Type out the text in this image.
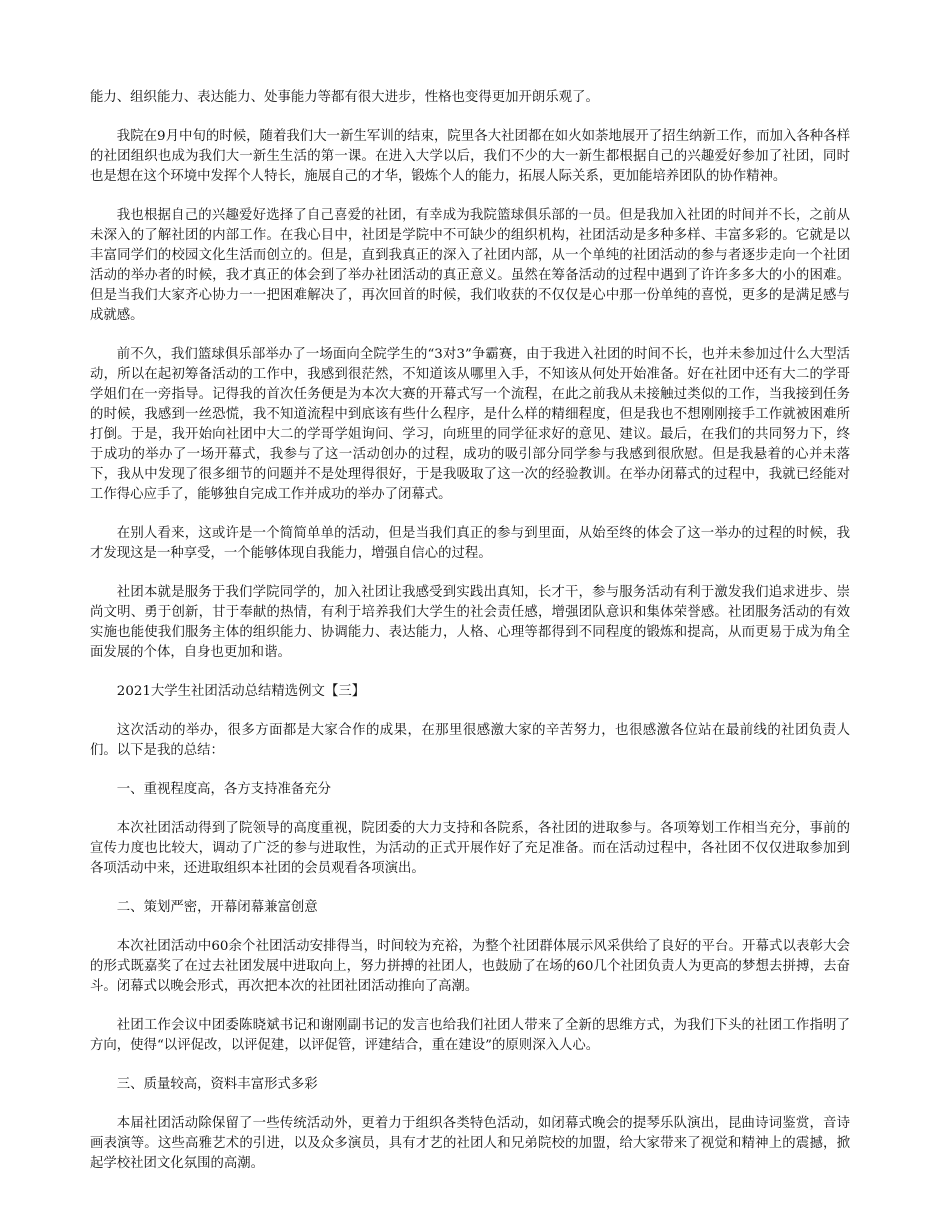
能力、组织能力、表达能力、处事能力等都有很大进步，性格也变得更加开朗乐观了。

我院在9月中旬的时候，随着我们大一新生军训的结束，院里各大社团都在如火如荼地展开了招生纳新工作，而加入各种各样的社团组织也成为我们大一新生生活的第一课。在进入大学以后，我们不少的大一新生都根据自己的兴趣爱好参加了社团，同时也是想在这个环境中发挥个人特长，施展自己的才华，锻炼个人的能力，拓展人际关系，更加能培养团队的协作精神。

我也根据自己的兴趣爱好选择了自己喜爱的社团，有幸成为我院篮球俱乐部的一员。但是我加入社团的时间并不长，之前从未深入的了解社团的内部工作。在我心目中，社团是学院中不可缺少的组织机构，社团活动是多种多样、丰富多彩的。它就是以丰富同学们的校园文化生活而创立的。但是，直到我真正的深入了社团内部，从一个单纯的社团活动的参与者逐步走向一个社团活动的举办者的时候，我才真正的体会到了举办社团活动的真正意义。虽然在筹备活动的过程中遇到了许许多多大的小的困难。但是当我们大家齐心协力一一把困难解决了，再次回首的时候，我们收获的不仅仅是心中那一份单纯的喜悦，更多的是满足感与成就感。

前不久，我们篮球俱乐部举办了一场面向全院学生的“3对3”争霸赛，由于我进入社团的时间不长，也并未参加过什么大型活动，所以在起初筹备活动的工作中，我感到很茫然，不知道该从哪里入手，不知该从何处开始准备。好在社团中还有大二的学哥学姐们在一旁指导。记得我的首次任务便是为本次大赛的开幕式写一个流程，在此之前我从未接触过类似的工作，当我接到任务的时候，我感到一丝恐慌，我不知道流程中到底该有些什么程序，是什么样的精细程度，但是我也不想刚刚接手工作就被困难所打倒。于是，我开始向社团中大二的学哥学姐询问、学习，向班里的同学征求好的意见、建议。最后，在我们的共同努力下，终于成功的举办了一场开幕式，我参与了这一活动创办的过程，成功的吸引部分同学参与我感到很欣慰。但是我悬着的心并未落下，我从中发现了很多细节的问题并不是处理得很好，于是我吸取了这一次的经验教训。在举办闭幕式的过程中，我就已经能对工作得心应手了，能够独自完成工作并成功的举办了闭幕式。

在别人看来，这或许是一个简简单单的活动，但是当我们真正的参与到里面，从始至终的体会了这一举办的过程的时候，我才发现这是一种享受，一个能够体现自我能力，增强自信心的过程。

社团本就是服务于我们学院同学的，加入社团让我感受到实践出真知，长才干，参与服务活动有利于激发我们追求进步、崇尚文明、勇于创新，甘于奉献的热情，有利于培养我们大学生的社会责任感，增强团队意识和集体荣誉感。社团服务活动的有效实施也能使我们服务主体的组织能力、协调能力、表达能力，人格、心理等都得到不同程度的锻炼和提高，从而更易于成为角全面发展的个体，自身也更加和谐。

2021大学生社团活动总结精选例文【三】

这次活动的举办，很多方面都是大家合作的成果，在那里很感激大家的辛苦努力，也很感激各位站在最前线的社团负责人们。以下是我的总结：

一、重视程度高，各方支持准备充分

本次社团活动得到了院领导的高度重视，院团委的大力支持和各院系，各社团的进取参与。各项筹划工作相当充分，事前的宣传力度也比较大，调动了广泛的参与进取性，为活动的正式开展作好了充足准备。而在活动过程中，各社团不仅仅进取参加到各项活动中来，还进取组织本社团的会员观看各项演出。

二、策划严密，开幕闭幕兼富创意

本次社团活动中60余个社团活动安排得当，时间较为充裕，为整个社团群体展示风采供给了良好的平台。开幕式以表彰大会的形式既嘉奖了在过去社团发展中进取向上，努力拼搏的社团人，也鼓励了在场的60几个社团负责人为更高的梦想去拼搏，去奋斗。闭幕式以晚会形式，再次把本次的社团社团活动推向了高潮。

社团工作会议中团委陈晓斌书记和谢刚副书记的发言也给我们社团人带来了全新的思维方式，为我们下头的社团工作指明了方向，使得“以评促改，以评促建，以评促管，评建结合，重在建设”的原则深入人心。

三、质量较高，资料丰富形式多彩

本届社团活动除保留了一些传统活动外，更着力于组织各类特色活动，如闭幕式晚会的提琴乐队演出，昆曲诗词鉴赏，音诗画表演等。这些高雅艺术的引进，以及众多演员，具有才艺的社团人和兄弟院校的加盟，给大家带来了视觉和精神上的震撼，掀起学校社团文化氛围的高潮。
